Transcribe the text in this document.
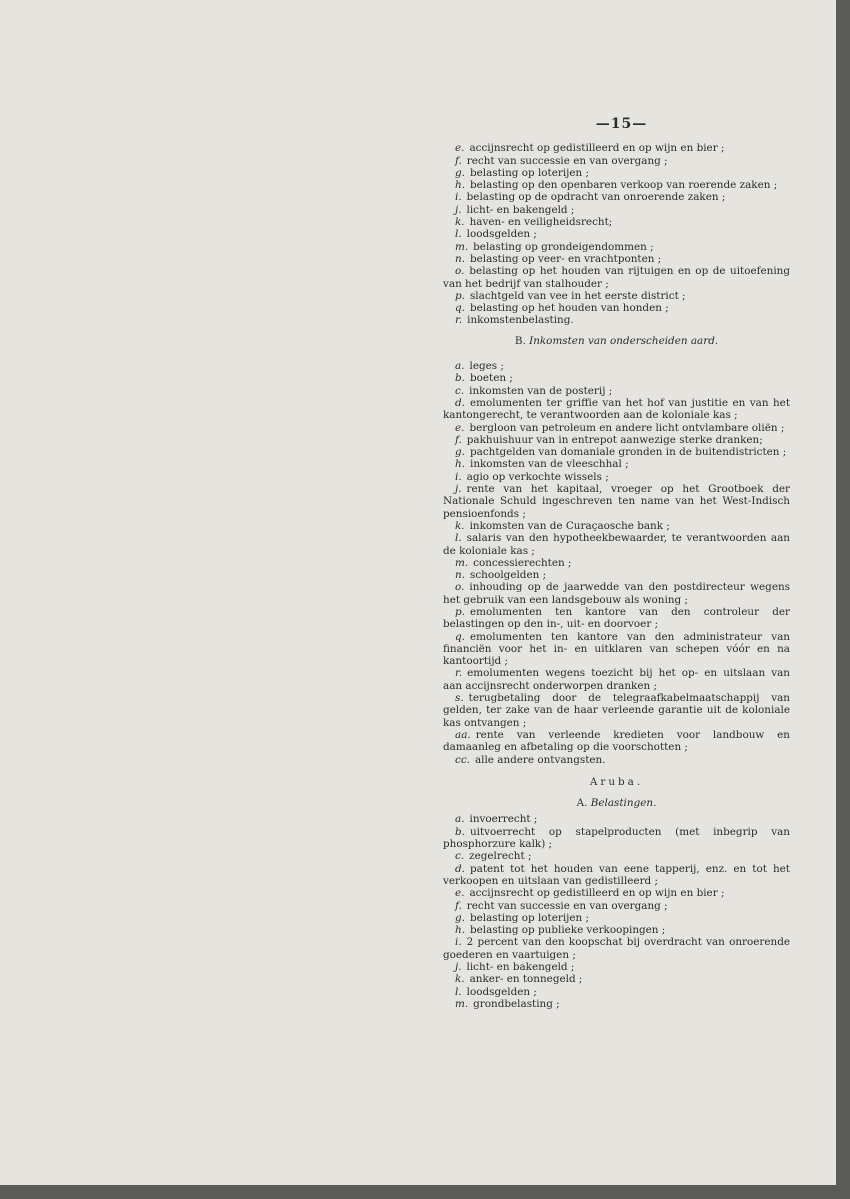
—15—

e. accijnsrecht op gedistilleerd en op wijn en bier ;

f. recht van successie en van overgang ;

g. belasting op loterijen ;

h. belasting op den openbaren verkoop van roerende zaken ;

i. belasting op de opdracht van onroerende zaken ;

j. licht- en bakengeld ;

k. haven- en veiligheidsrecht;

l. loodsgelden ;

m. belasting op grondeigendommen ;

n. belasting op veer- en vrachtponten ;

o. belasting op het houden van rijtuigen en op de uitoefening van het bedrijf van stalhouder ;

p. slachtgeld van vee in het eerste district ;

q. belasting op het houden van honden ;

r. inkomstenbelasting.

B. Inkomsten van onderscheiden aard.

a. leges ;

b. boeten ;

c. inkomsten van de posterij ;

d. emolumenten ter griffie van het hof van justitie en van het kantongerecht, te verantwoorden aan de koloniale kas ;

e. bergloon van petroleum en andere licht ontvlambare oliën ;

f. pakhuishuur van in entrepot aanwezige sterke dranken;

g. pachtgelden van domaniale gronden in de buitendistricten ;

h. inkomsten van de vleeschhal ;

i. agio op verkochte wissels ;

j. rente van het kapitaal, vroeger op het Grootboek der Nationale Schuld ingeschreven ten name van het West-Indisch pensioenfonds ;

k. inkomsten van de Curaçaosche bank ;

l. salaris van den hypotheekbewaarder, te verantwoorden aan de koloniale kas ;

m. concessierechten ;

n. schoolgelden ;

o. inhouding op de jaarwedde van den postdirecteur wegens het gebruik van een landsgebouw als woning ;

p. emolumenten ten kantore van den controleur der belastingen op den in-, uit- en doorvoer ;

q. emolumenten ten kantore van den administrateur van financiën voor het in- en uitklaren van schepen vóór en na kantoortijd ;

r. emolumenten wegens toezicht bij het op- en uitslaan van aan accijnsrecht onderworpen dranken ;

s. terugbetaling door de telegraafkabelmaatschappij van gelden, ter zake van de haar verleende garantie uit de koloniale kas ontvangen ;

aa. rente van verleende kredieten voor landbouw en damaanleg en afbetaling op die voorschotten ;

cc. alle andere ontvangsten.

Aruba.
A. Belastingen.

a. invoerrecht ;

b. uitvoerrecht op stapelproducten (met inbegrip van phosphorzure kalk) ;

c. zegelrecht ;

d. patent tot het houden van eene tapperij, enz. en tot het verkoopen en uitslaan van gedistilleerd ;

e. accijnsrecht op gedistilleerd en op wijn en bier ;

f. recht van successie en van overgang ;

g. belasting op loterijen ;

h. belasting op publieke verkoopingen ;

i. 2 percent van den koopschat bij overdracht van onroerende goederen en vaartuigen ;

j. licht- en bakengeld ;

k. anker- en tonnegeld ;

l. loodsgelden ;

m. grondbelasting ;
